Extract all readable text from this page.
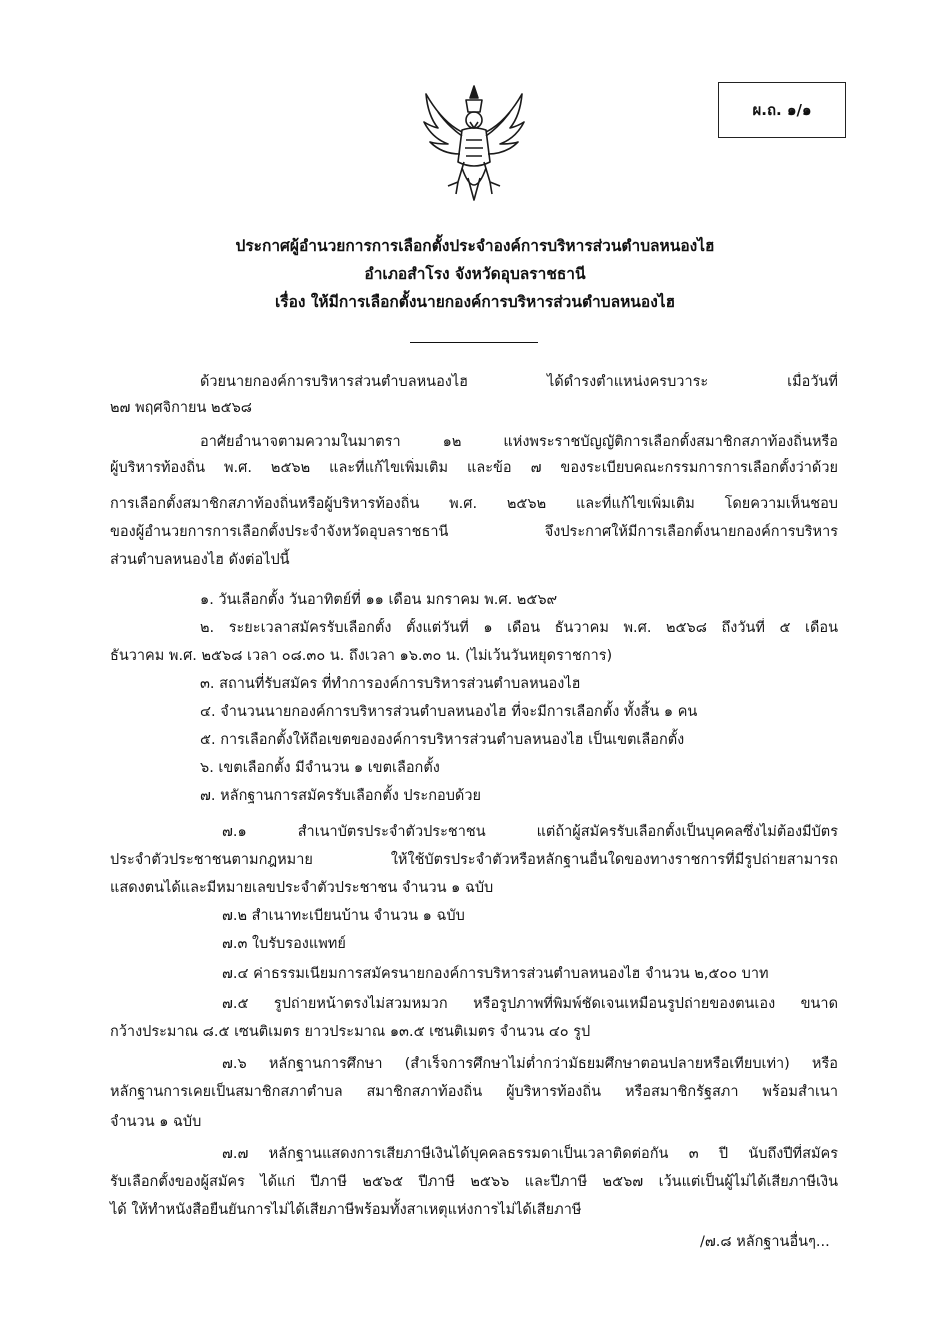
ผ.ถ. ๑/๑
ประกาศผู้อำนวยการการเลือกตั้งประจำองค์การบริหารส่วนตำบลหนองไฮ
อำเภอสำโรง จังหวัดอุบลราชธานี
เรื่อง ให้มีการเลือกตั้งนายกองค์การบริหารส่วนตำบลหนองไฮ
ด้วยนายกองค์การบริหารส่วนตำบลหนองไฮ ได้ดำรงตำแหน่งครบวาระ เมื่อวันที่
๒๗ พฤศจิกายน ๒๕๖๘
อาศัยอำนาจตามความในมาตรา ๑๒ แห่งพระราชบัญญัติการเลือกตั้งสมาชิกสภาท้องถิ่นหรือ
ผู้บริหารท้องถิ่น พ.ศ. ๒๕๖๒ และที่แก้ไขเพิ่มเติม และข้อ ๗ ของระเบียบคณะกรรมการการเลือกตั้งว่าด้วย
การเลือกตั้งสมาชิกสภาท้องถิ่นหรือผู้บริหารท้องถิ่น พ.ศ. ๒๕๖๒ และที่แก้ไขเพิ่มเติม โดยความเห็นชอบ
ของผู้อำนวยการการเลือกตั้งประจำจังหวัดอุบลราชธานี จึงประกาศให้มีการเลือกตั้งนายกองค์การบริหาร
ส่วนตำบลหนองไฮ ดังต่อไปนี้
๑. วันเลือกตั้ง วันอาทิตย์ที่ ๑๑ เดือน มกราคม พ.ศ. ๒๕๖๙
๒. ระยะเวลาสมัครรับเลือกตั้ง ตั้งแต่วันที่ ๑ เดือน ธันวาคม พ.ศ. ๒๕๖๘ ถึงวันที่ ๕ เดือน
ธันวาคม พ.ศ. ๒๕๖๘ เวลา ๐๘.๓๐ น. ถึงเวลา ๑๖.๓๐ น. (ไม่เว้นวันหยุดราชการ)
๓. สถานที่รับสมัคร ที่ทำการองค์การบริหารส่วนตำบลหนองไฮ
๔. จำนวนนายกองค์การบริหารส่วนตำบลหนองไฮ ที่จะมีการเลือกตั้ง ทั้งสิ้น ๑ คน
๕. การเลือกตั้งให้ถือเขตขององค์การบริหารส่วนตำบลหนองไฮ เป็นเขตเลือกตั้ง
๖. เขตเลือกตั้ง มีจำนวน ๑ เขตเลือกตั้ง
๗. หลักฐานการสมัครรับเลือกตั้ง ประกอบด้วย
๗.๑ สำเนาบัตรประจำตัวประชาชน แต่ถ้าผู้สมัครรับเลือกตั้งเป็นบุคคลซึ่งไม่ต้องมีบัตร
ประจำตัวประชาชนตามกฎหมาย ให้ใช้บัตรประจำตัวหรือหลักฐานอื่นใดของทางราชการที่มีรูปถ่ายสามารถ
แสดงตนได้และมีหมายเลขประจำตัวประชาชน จำนวน ๑ ฉบับ
๗.๒ สำเนาทะเบียนบ้าน จำนวน ๑ ฉบับ
๗.๓ ใบรับรองแพทย์
๗.๔ ค่าธรรมเนียมการสมัครนายกองค์การบริหารส่วนตำบลหนองไฮ จำนวน ๒,๕๐๐ บาท
๗.๕ รูปถ่ายหน้าตรงไม่สวมหมวก หรือรูปภาพที่พิมพ์ชัดเจนเหมือนรูปถ่ายของตนเอง ขนาด
กว้างประมาณ ๘.๕ เซนติเมตร ยาวประมาณ ๑๓.๕ เซนติเมตร จำนวน ๔๐ รูป
๗.๖ หลักฐานการศึกษา (สำเร็จการศึกษาไม่ต่ำกว่ามัธยมศึกษาตอนปลายหรือเทียบเท่า) หรือ
หลักฐานการเคยเป็นสมาชิกสภาตำบล สมาชิกสภาท้องถิ่น ผู้บริหารท้องถิ่น หรือสมาชิกรัฐสภา พร้อมสำเนา
จำนวน ๑ ฉบับ
๗.๗ หลักฐานแสดงการเสียภาษีเงินได้บุคคลธรรมดาเป็นเวลาติดต่อกัน ๓ ปี นับถึงปีที่สมัคร
รับเลือกตั้งของผู้สมัคร ได้แก่ ปีภาษี ๒๕๖๕ ปีภาษี ๒๕๖๖ และปีภาษี ๒๕๖๗ เว้นแต่เป็นผู้ไม่ได้เสียภาษีเงิน
ได้ ให้ทำหนังสือยืนยันการไม่ได้เสียภาษีพร้อมทั้งสาเหตุแห่งการไม่ได้เสียภาษี
/๗.๘ หลักฐานอื่นๆ...
